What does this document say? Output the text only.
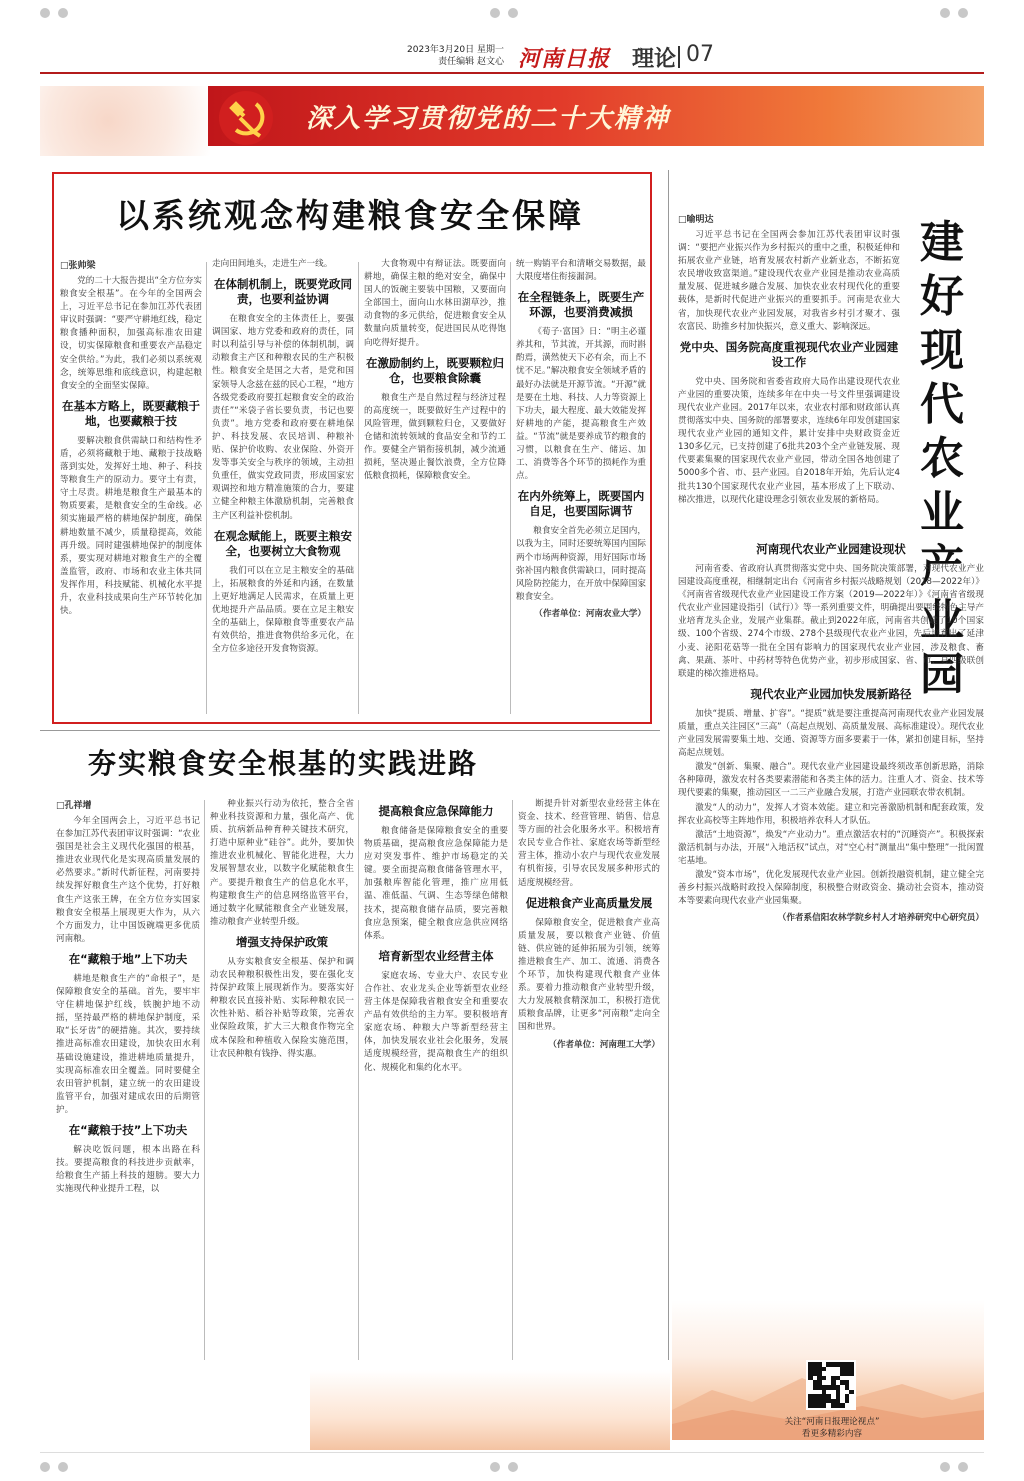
2023年3月20日 星期一
责任编辑 赵文心 河南日报 理论 07
深入学习贯彻党的二十大精神
以系统观念构建粮食安全保障
□张帅梁

党的二十大报告提出“全方位夯实粮食安全根基”。在今年的全国两会上，习近平总书记在参加江苏代表团审议时强调：“要严守耕地红线，稳定粮食播种面积，加强高标准农田建设，切实保障粮食和重要农产品稳定安全供给。”为此，我们必须以系统观念，统筹思维和底线意识，构建起粮食安全的全面坚实保障。

在基本方略上，既要藏粮于地，也要藏粮于技

要解决粮食供需缺口和结构性矛盾，必须将藏粮于地、藏粮于技战略落到实处，发挥好土地、种子、科技等粮食生产的原动力。要守土有责，守土尽责。耕地是粮食生产最基本的物质要素，是粮食安全的生命线。必须实施最严格的耕地保护制度，确保耕地数量不减少，质量稳提高，效能再升级。同时建强耕地保护的制度体系，要实现对耕地对粮食生产的全覆盖监管，政府、市场和农业主体共同发挥作用，科技赋能、机械化水平提升，农业科技成果向生产环节转化加快。

走向田间地头，走进生产一线。

在体制机制上，既要党政同责，也要利益协调

在粮食安全的主体责任上，要强调国家、地方党委和政府的责任，同时以利益引导与补偿的体制机制，调动粮食主产区和种粮农民的生产积极性。粮食安全是国之大者，是党和国家领导人念兹在兹的民心工程，“地方各级党委政府要扛起粮食安全的政治责任”“米袋子省长要负责，书记也要负责”。地方党委和政府要在耕地保护、科技发展、农民培训、种粮补贴、保护价收购、农业保险、外资开发等事关安全与秩序的领域，主动担负重任，做实党政同责，形成国家宏观调控和地方精准施策的合力，要建立健全种粮主体激励机制，完善粮食主产区利益补偿机制。

在观念赋能上，既要主粮安全，也要树立大食物观

我们可以在立足主粮安全的基础上，拓展粮食的外延和内涵，在数量上更好地满足人民需求，在质量上更优地提升产品品质。要在立足主粮安全的基础上，保障粮食等重要农产品有效供给，推进食物供给多元化，在全方位多途径开发食物资源。

大食物观中有辩证法。既要面向耕地，确保主粮的绝对安全，确保中国人的饭碗主要装中国粮，又要面向全部国土，面向山水林田湖草沙，推动食物的多元供给，促进粮食安全从数量向质量转变，促进国民从吃得饱向吃得好提升。

在激励制约上，既要颗粒归仓，也要粮食除囊

粮食生产是自然过程与经济过程的高度统一，既要做好生产过程中的风险管理，做到颗粒归仓，又要做好仓储和流转领域的食品安全和节约工作。要健全产销衔接机制，减少流通损耗，坚决遏止餐饮浪费，全方位降低粮食损耗，保障粮食安全。

统一购销平台和清晰交易数据，最大限度堵住衔接漏洞。

在全程链条上，既要生产环源，也要消费减损

《荀子·富国》日：“明主必谨养其和，节其流，开其源，而时斟酌焉，潢然使天下必有余，而上不忧不足。”解决粮食安全领域矛盾的最好办法就是开源节流。“开源”就是要在土地、科技、人力等资源上下功夫，最大程度、最大效能发挥好耕地的产能，提高粮食生产效益。“节流”就是要养成节约粮食的习惯，以粮食在生产、储运、加工、消费等各个环节的损耗作为重点。

在内外统筹上，既要国内自足，也要国际调节

粮食安全首先必须立足国内，以我为主，同时还要统筹国内国际两个市场两种资源，用好国际市场弥补国内粮食供需缺口，同时提高风险防控能力，在开放中保障国家粮食安全。

（作者单位：河南农业大学）
夯实粮食安全根基的实践进路
□孔祥增

今年全国两会上，习近平总书记在参加江苏代表团审议时强调：“农业强国是社会主义现代化强国的根基，推进农业现代化是实现高质量发展的必然要求。”新时代新征程，河南要持续发挥好粮食生产这个优势，打好粮食生产这张王牌，在全方位夯实国家粮食安全根基上展现更大作为，从六个方面发力，让中国饭碗端更多优质河南粮。

在“藏粮于地”上下功夫

耕地是粮食生产的“命根子”，是保障粮食安全的基础。首先，要牢牢守住耕地保护红线，铁腕护地不动摇，坚持最严格的耕地保护制度，采取“长牙齿”的硬措施。其次，要持续推进高标准农田建设，加快农田水利基础设施建设，推进耕地质量提升，实现高标准农田全覆盖。同时要健全农田管护机制，建立统一的农田建设监管平台，加强对建成农田的后期管护。

在“藏粮于技”上下功夫

解决吃饭问题，根本出路在科技。要提高粮食的科技进步贡献率，给粮食生产插上科技的翅膀。要大力实施现代种业提升工程，以

种业振兴行动为依托，整合全省种业科技资源和力量，强化高产、优质、抗病新品种育种关键技术研究，打造中原种业“硅谷”。此外，要加快推进农业机械化、智能化进程，大力发展智慧农业，以数字化赋能粮食生产。要提升粮食生产的信息化水平，构建粮食生产的信息网络监管平台，通过数字化赋能粮食全产业链发展，推动粮食产业转型升级。

增强支持保护政策

从夯实粮食安全根基、保护和调动农民种粮积极性出发，要在强化支持保护政策上展现新作为。要落实好种粮农民直接补贴、实际种粮农民一次性补贴、稻谷补贴等政策，完善农业保险政策，扩大三大粮食作物完全成本保险和种植收入保险实施范围，让农民种粮有钱挣、得实惠。

提高粮食应急保障能力

粮食储备是保障粮食安全的重要物质基础，提高粮食应急保障能力是应对突发事件、维护市场稳定的关键。要全面提高粮食储备管理水平，加强粮库智能化管理，推广应用低温、准低温、气调、生态等绿色储粮技术，提高粮食储存品质，要完善粮食应急预案，健全粮食应急供应网络体系。

培育新型农业经营主体

家庭农场、专业大户、农民专业合作社、农业龙头企业等新型农业经营主体是保障我省粮食安全和重要农产品有效供给的主力军。要积极培育家庭农场、种粮大户等新型经营主体，加快发展农业社会化服务，发展适度规模经营，提高粮食生产的组织化、规模化和集约化水平。

断提升针对新型农业经营主体在资金、技术、经营管理、销售、信息等方面的社会化服务水平。积极培育农民专业合作社、家庭农场等新型经营主体，推动小农户与现代农业发展有机衔接，引导农民发展多种形式的适度规模经营。

促进粮食产业高质量发展

保障粮食安全，促进粮食产业高质量发展，要以粮食产业链、价值链、供应链的延伸拓展为引领，统筹推进粮食生产、加工、流通、消费各个环节，加快构建现代粮食产业体系。要着力推动粮食产业转型升级，大力发展粮食精深加工，积极打造优质粮食品牌，让更多“河南粮”走向全国和世界。

（作者单位：河南理工大学）
建好现代农业产业园
□喻明达

习近平总书记在全国两会参加江苏代表团审议时强调：“要把产业振兴作为乡村振兴的重中之重，积极延伸和拓展农业产业链，培育发展农村新产业新业态，不断拓宽农民增收致富渠道。”建设现代农业产业园是推动农业高质量发展、促进城乡融合发展、加快农业农村现代化的重要载体，是新时代促进产业振兴的重要抓手。河南是农业大省，加快现代农业产业园发展，对我省乡村引才聚才、强农富民、助推乡村加快振兴，意义重大、影响深远。

党中央、国务院高度重视现代农业产业园建设工作

党中央、国务院和省委省政府大局作出建设现代农业产业园的重要决策，连续多年在中央一号文件里强调建设现代农业产业园。2017年以来，农业农村部和财政部认真贯彻落实中央、国务院的部署要求，连续6年印发创建国家现代农业产业园的通知文件，累计安排中央财政资金近130多亿元，已支持创建了6批共203个全产业链发展、现代要素集聚的国家现代农业产业园，带动全国各地创建了5000多个省、市、县产业园。自2018年开始，先后认定4批共130个国家现代农业产业园，基本形成了上下联动、梯次推进，以现代化建设理念引领农业发展的新格局。

河南现代农业产业园建设现状

河南省委、省政府认真贯彻落实党中央、国务院决策部署，对现代农业产业园建设高度重视，相继制定出台《河南省乡村振兴战略规划（2018—2022年）》《河南省省级现代农业产业园建设工作方案（2019—2022年）》《河南省省级现代农业产业园建设指引（试行）》等一系列重要文件，明确提出要围绕特色主导产业培育龙头企业，发展产业集群。截止到2022年底，河南省共创建了10个国家级、100个省级、274个市级、278个县级现代农业产业园，先后培育出了延津小麦、泌阳花菇等一批在全国有影响力的国家现代农业产业园，涉及粮食、畜禽、果蔬、茶叶、中药材等特色优势产业，初步形成国家、省、市、县四级联创联建的梯次推进格局。

现代农业产业园加快发展新路径

加快“提质、增量、扩容”。“提质”就是要注重提高河南现代农业产业园发展质量，重点关注园区“三高”（高起点规划、高质量发展、高标准建设）。现代农业产业园发展需要集土地、交通、资源等方面多要素于一体，紧扣创建目标，坚持高起点规划。

激发“创新、集聚、融合”。现代农业产业园建设最终须改革创新思路，消除各种障碍，激发农村各类要素潜能和各类主体的活力。注重人才、资金、技术等现代要素的集聚，推动园区一二三产业融合发展，打造产业园联农带农机制。

激发“人的动力”，发挥人才资本效能。建立和完善激励机制和配套政策，发挥农业高校等主阵地作用，积极培养农科人才队伍。

激活“土地资源”，焕发“产业动力”。重点激活农村的“沉睡资产”。积极探索激活机制与办法，开展“入地活权”试点，对“空心村”测量出“集中整理”一批闲置宅基地。

激发“资本市场”，优化发展现代农业产业园。创新投融资机制，建立健全完善乡村振兴战略时政投入保障制度，积极整合财政资金、撬动社会资本，推动资本等要素向现代农业产业园集聚。

（作者系信阳农林学院乡村人才培养研究中心研究员）
关注“河南日报理论视点”
看更多精彩内容
